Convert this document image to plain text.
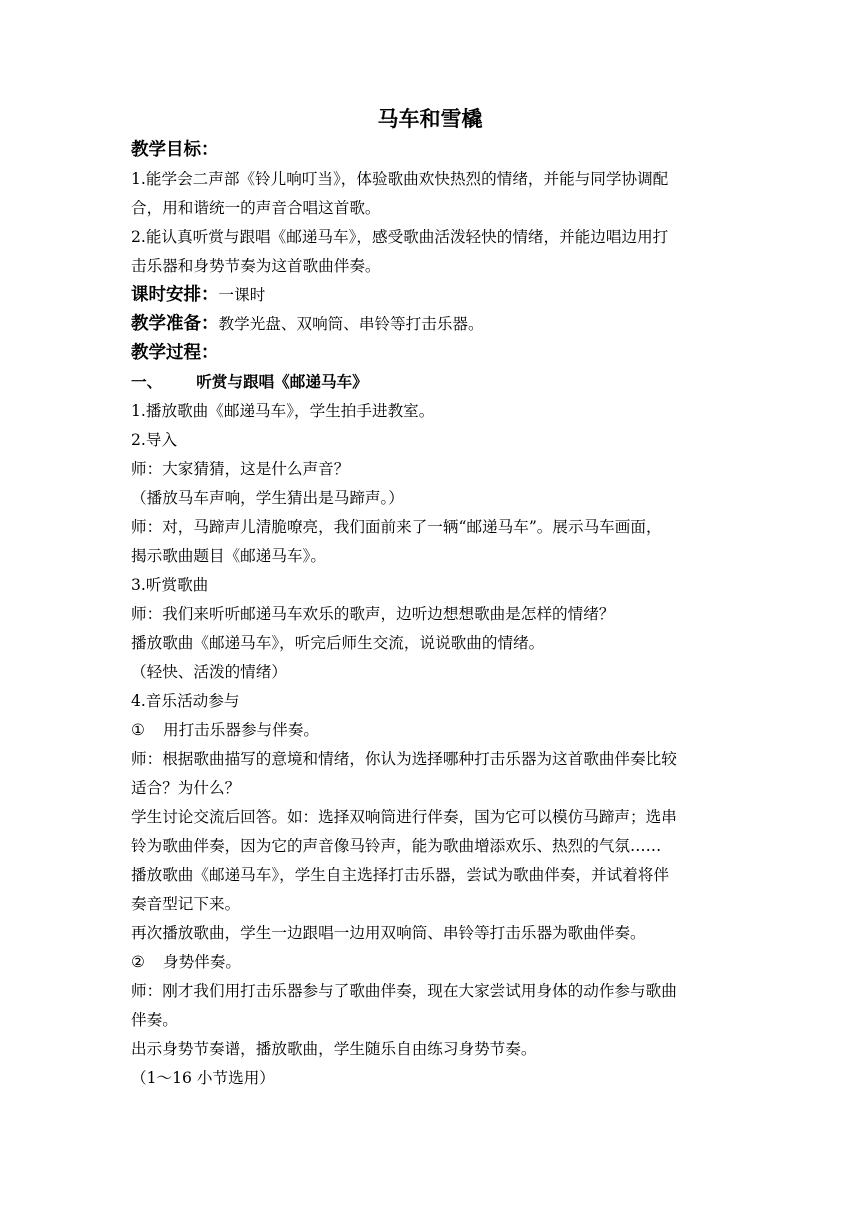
马车和雪橇
教学目标：
1.能学会二声部《铃儿响叮当》，体验歌曲欢快热烈的情绪，并能与同学协调配
合，用和谐统一的声音合唱这首歌。
2.能认真听赏与跟唱《邮递马车》，感受歌曲活泼轻快的情绪，并能边唱边用打
击乐器和身势节奏为这首歌曲伴奏。
课时安排：一课时
教学准备：教学光盘、双响筒、串铃等打击乐器。
教学过程：
一、 听赏与跟唱《邮递马车》
1.播放歌曲《邮递马车》，学生拍手进教室。
2.导入
师：大家猜猜，这是什么声音？
（播放马车声响，学生猜出是马蹄声。）
师：对，马蹄声儿清脆嘹亮，我们面前来了一辆“邮递马车”。展示马车画面，
揭示歌曲题目《邮递马车》。
3.听赏歌曲
师：我们来听听邮递马车欢乐的歌声，边听边想想歌曲是怎样的情绪？
播放歌曲《邮递马车》，听完后师生交流，说说歌曲的情绪。
（轻快、活泼的情绪）
4.音乐活动参与
① 用打击乐器参与伴奏。
师：根据歌曲描写的意境和情绪，你认为选择哪种打击乐器为这首歌曲伴奏比较
适合？为什么？
学生讨论交流后回答。如：选择双响筒进行伴奏，国为它可以模仿马蹄声；选串
铃为歌曲伴奏，因为它的声音像马铃声，能为歌曲增添欢乐、热烈的气氛……
播放歌曲《邮递马车》，学生自主选择打击乐器，尝试为歌曲伴奏，并试着将伴
奏音型记下来。
再次播放歌曲，学生一边跟唱一边用双响筒、串铃等打击乐器为歌曲伴奏。
② 身势伴奏。
师：刚才我们用打击乐器参与了歌曲伴奏，现在大家尝试用身体的动作参与歌曲
伴奏。
出示身势节奏谱，播放歌曲，学生随乐自由练习身势节奏。
（1～16 小节选用）
